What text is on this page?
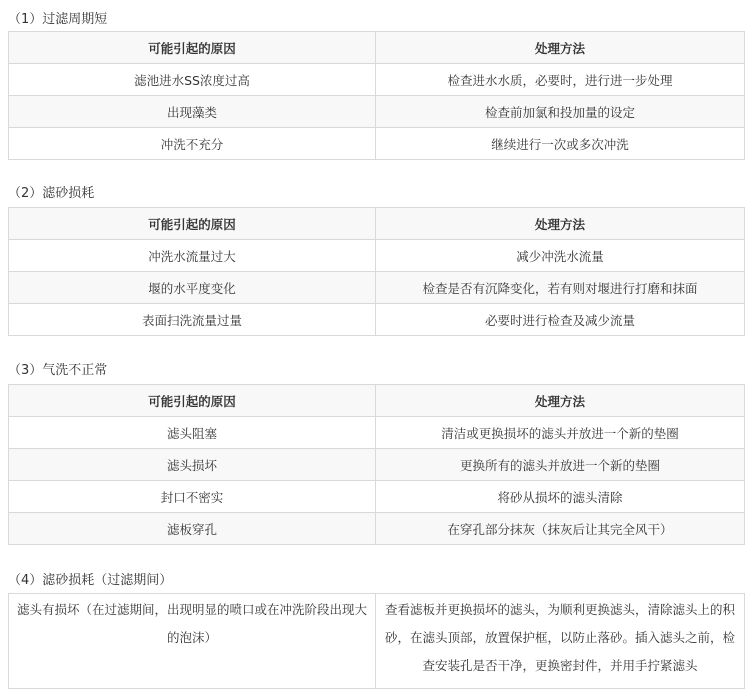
（1）过滤周期短
可能引起的原因	处理方法
滤池进水SS浓度过高	检查进水水质，必要时，进行进一步处理
出现藻类	检查前加氯和投加量的设定
冲洗不充分	继续进行一次或多次冲洗
（2）滤砂损耗
可能引起的原因	处理方法
冲洗水流量过大	减少冲洗水流量
堰的水平度变化	检查是否有沉降变化，若有则对堰进行打磨和抹面
表面扫洗流量过量	必要时进行检查及减少流量
（3）气洗不正常
可能引起的原因	处理方法
滤头阻塞	清洁或更换损坏的滤头并放进一个新的垫圈
滤头损坏	更换所有的滤头并放进一个新的垫圈
封口不密实	将砂从损坏的滤头清除
滤板穿孔	在穿孔部分抹灰（抹灰后让其完全风干）
（4）滤砂损耗（过滤期间）
滤头有损坏（在过滤期间，出现明显的喷口或在冲洗阶段出现大的泡沫）	查看滤板并更换损坏的滤头，为顺利更换滤头，清除滤头上的积砂，在滤头顶部，放置保护框，以防止落砂。插入滤头之前，检查安装孔是否干净，更换密封件，并用手拧紧滤头
